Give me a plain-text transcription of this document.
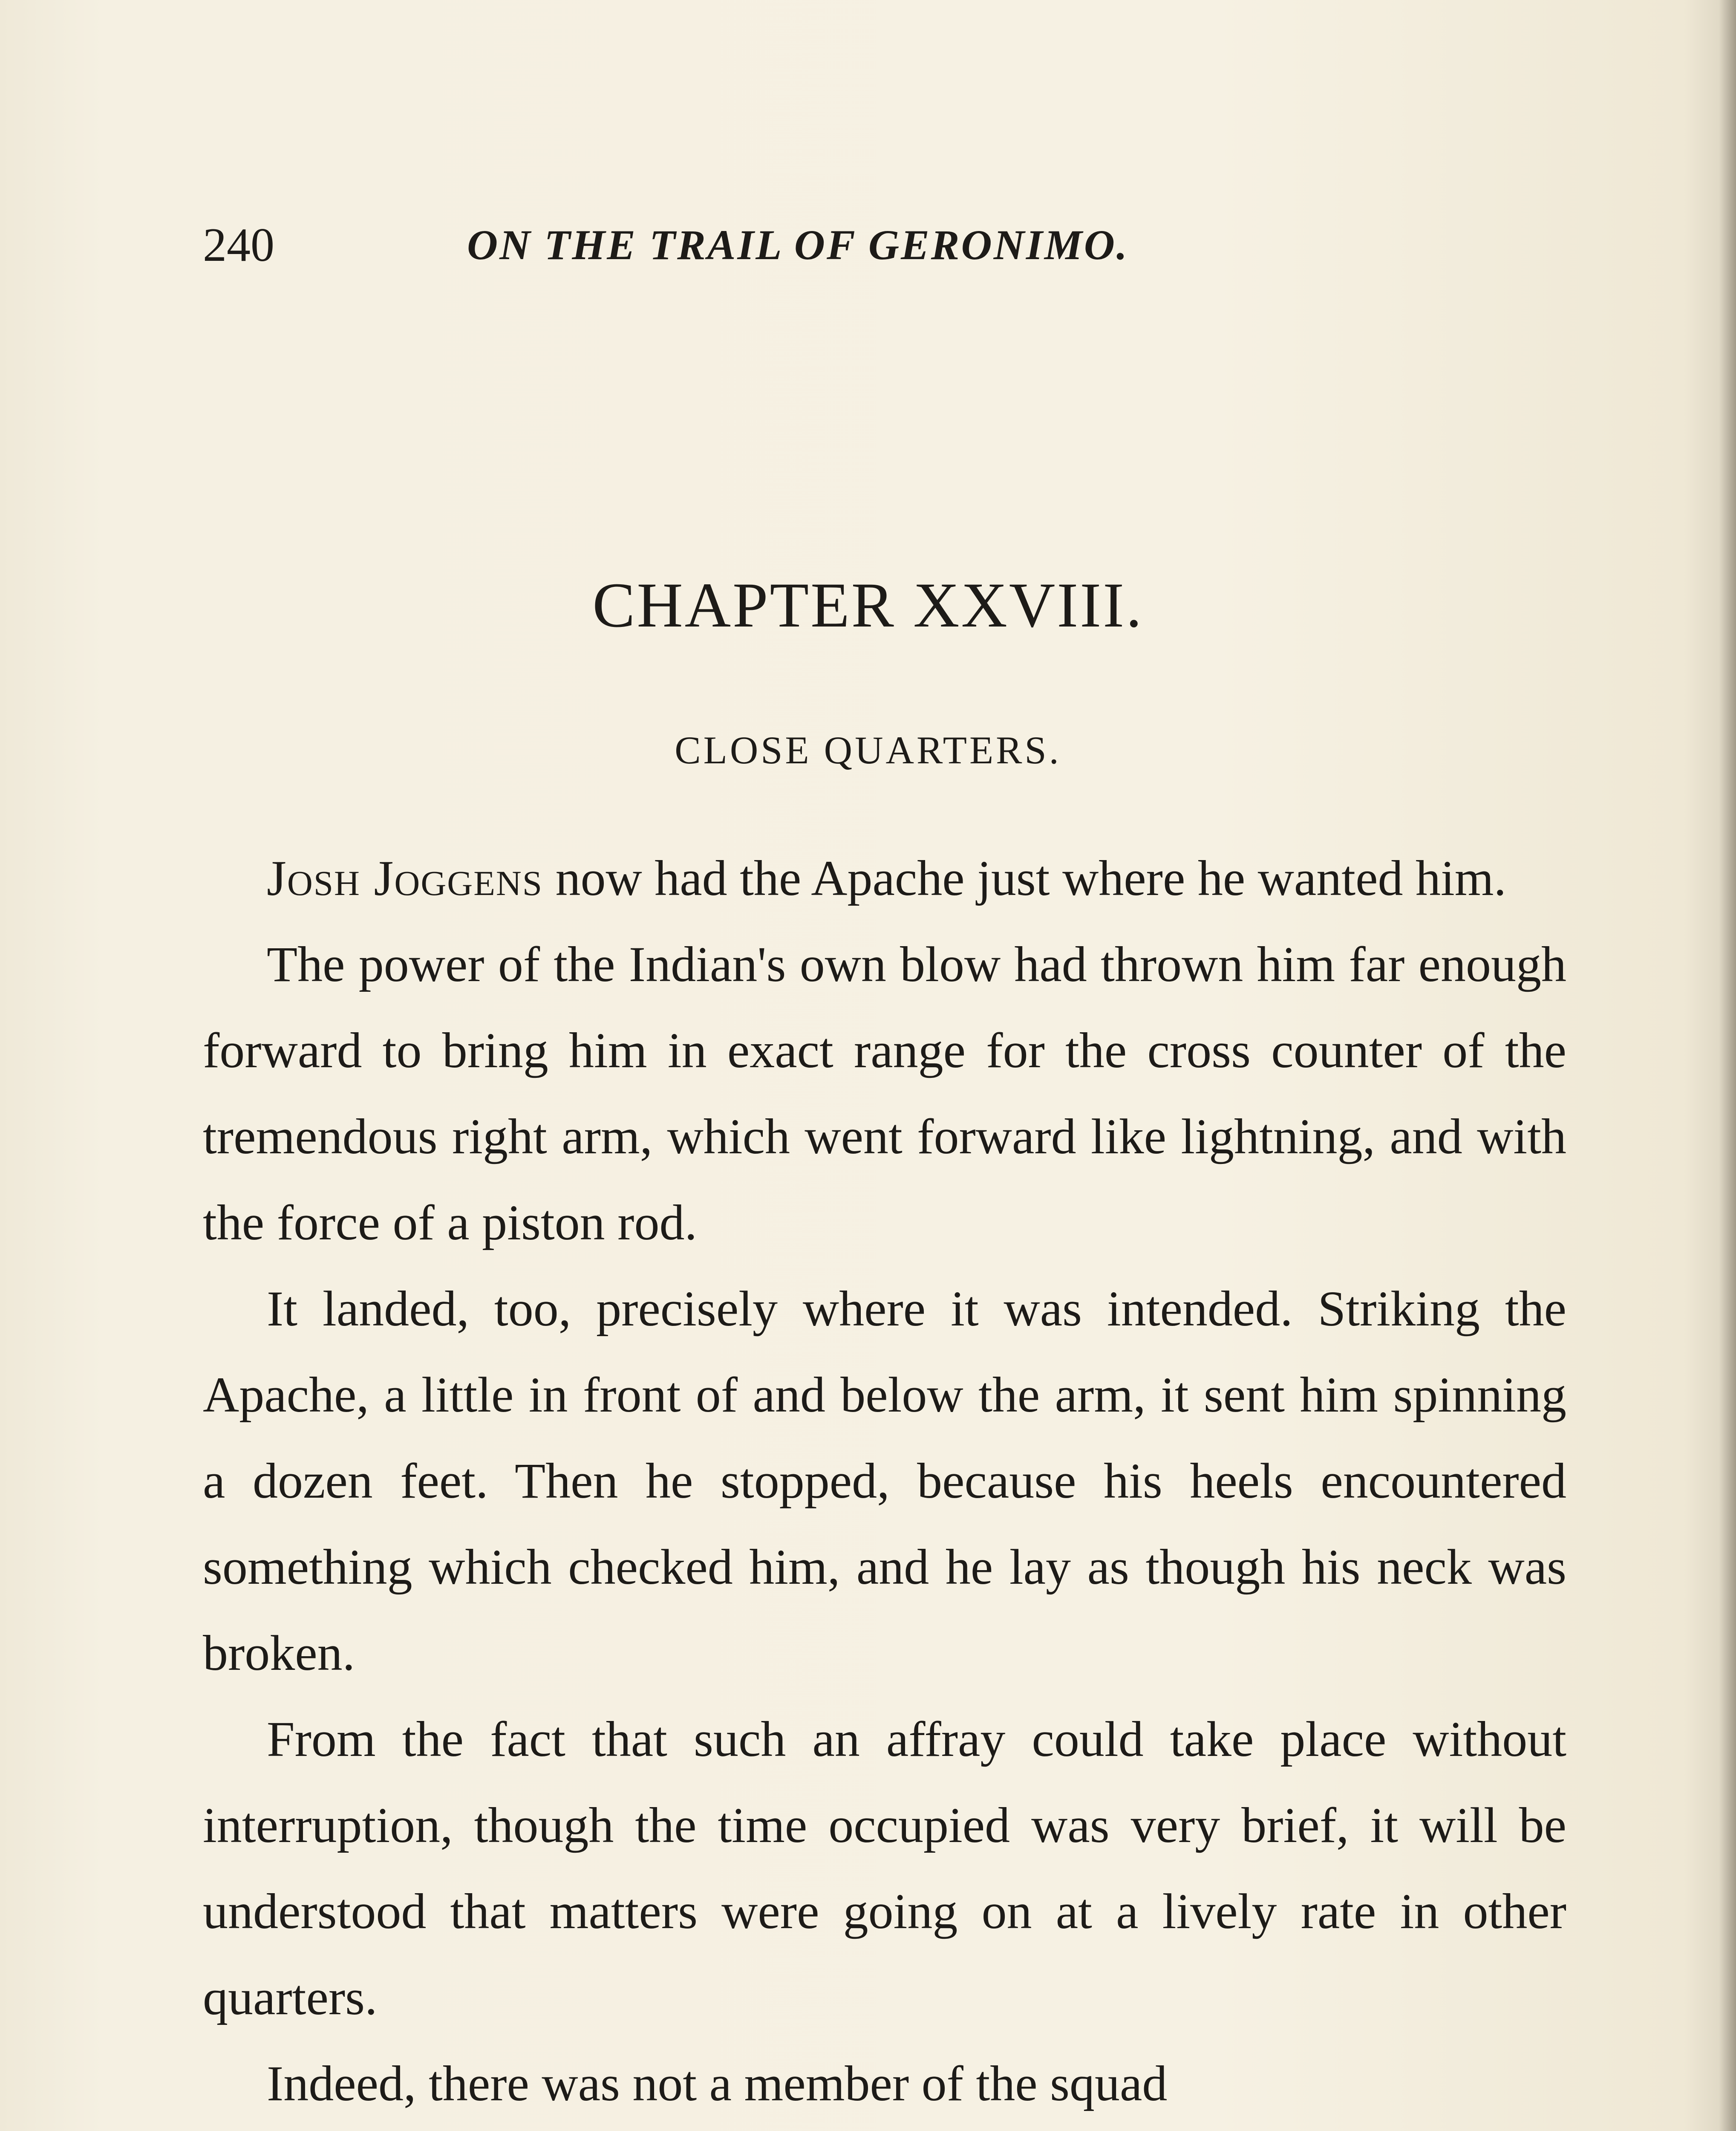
240	ON THE TRAIL OF GERONIMO.
CHAPTER XXVIII.
CLOSE QUARTERS.

Josh Joggens now had the Apache just where he wanted him.

The power of the Indian's own blow had thrown him far enough forward to bring him in exact range for the cross counter of the tremendous right arm, which went forward like lightning, and with the force of a piston rod.

It landed, too, precisely where it was intended. Striking the Apache, a little in front of and below the arm, it sent him spinning a dozen feet. Then he stopped, because his heels encountered something which checked him, and he lay as though his neck was broken.

From the fact that such an affray could take place without interruption, though the time occupied was very brief, it will be understood that matters were going on at a lively rate in other quarters.

Indeed, there was not a member of the squad
